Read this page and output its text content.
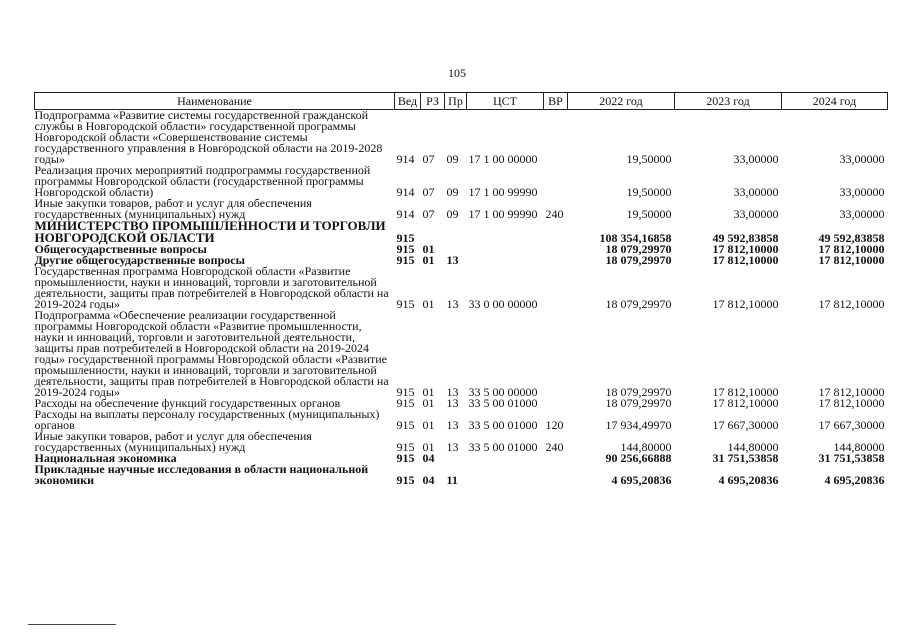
105
Наименование	Вед	РЗ	Пр	ЦСТ	ВР	2022 год	2023 год	2024 год
Подпрограмма «Развитие системы государственной гражданской службы в Новгородской области» государственной программы Новгородской области «Совершенствование системы государственного управления в Новгородской области на 2019-2028 годы»	914	07	09	17 1 00 00000		19,50000	33,00000	33,00000
Реализация прочих мероприятий подпрограммы государственной программы Новгородской области (государственной программы Новгородской области)	914	07	09	17 1 00 99990		19,50000	33,00000	33,00000
Иные закупки товаров, работ и услуг для обеспечения государственных (муниципальных) нужд	914	07	09	17 1 00 99990	240	19,50000	33,00000	33,00000
МИНИСТЕРСТВО ПРОМЫШЛЕННОСТИ И ТОРГОВЛИ НОВГОРОДСКОЙ ОБЛАСТИ	915					108 354,16858	49 592,83858	49 592,83858
Общегосударственные вопросы	915	01				18 079,29970	17 812,10000	17 812,10000
Другие общегосударственные вопросы	915	01	13			18 079,29970	17 812,10000	17 812,10000
Государственная программа Новгородской области «Развитие промышленности, науки и инноваций, торговли и заготовительной деятельности, защиты прав потребителей в Новгородской области на 2019-2024 годы»	915	01	13	33 0 00 00000		18 079,29970	17 812,10000	17 812,10000
Подпрограмма «Обеспечение реализации государственной программы Новгородской области «Развитие промышленности, науки и инноваций, торговли и заготовительной деятельности, защиты прав потребителей в Новгородской области на 2019-2024 годы» государственной программы Новгородской области «Развитие промышленности, науки и инноваций, торговли и заготовительной деятельности, защиты прав потребителей в Новгородской области на 2019-2024 годы»	915	01	13	33 5 00 00000		18 079,29970	17 812,10000	17 812,10000
Расходы на обеспечение функций государственных органов	915	01	13	33 5 00 01000		18 079,29970	17 812,10000	17 812,10000
Расходы на выплаты персоналу государственных (муниципальных) органов	915	01	13	33 5 00 01000	120	17 934,49970	17 667,30000	17 667,30000
Иные закупки товаров, работ и услуг для обеспечения государственных (муниципальных) нужд	915	01	13	33 5 00 01000	240	144,80000	144,80000	144,80000
Национальная экономика	915	04				90 256,66888	31 751,53858	31 751,53858
Прикладные научные исследования в области национальной экономики	915	04	11			4 695,20836	4 695,20836	4 695,20836
